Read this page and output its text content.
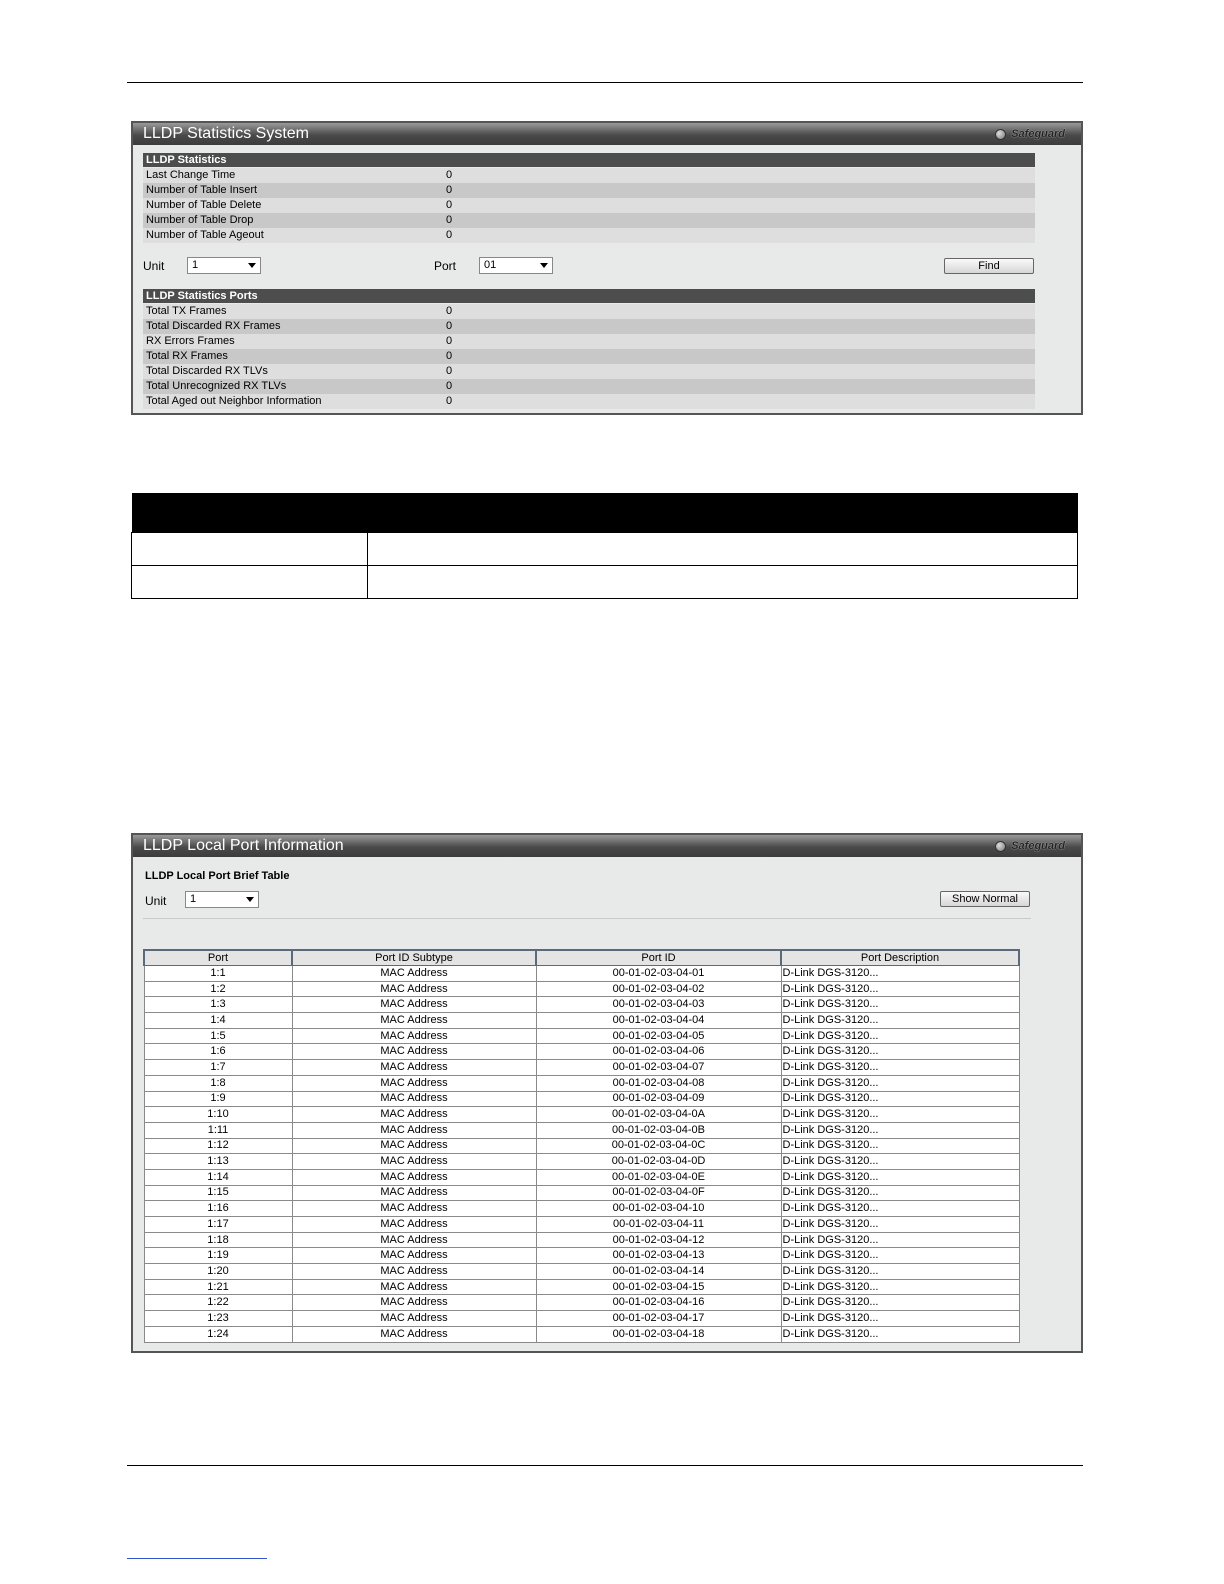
LLDP Statistics System	Safeguard
LLDP Statistics
Last Change Time	0
Number of Table Insert	0
Number of Table Delete	0
Number of Table Drop	0
Number of Table Ageout	0
Unit	1	Port	01	Find
LLDP Statistics Ports
Total TX Frames	0
Total Discarded RX Frames	0
RX Errors Frames	0
Total RX Frames	0
Total Discarded RX TLVs	0
Total Unrecognized RX TLVs	0
Total Aged out Neighbor Information	0

LLDP Local Port Information	Safeguard
LLDP Local Port Brief Table
Unit	1	Show Normal
Port	Port ID Subtype	Port ID	Port Description
1:1	MAC Address	00-01-02-03-04-01	D-Link DGS-3120...
1:2	MAC Address	00-01-02-03-04-02	D-Link DGS-3120...
1:3	MAC Address	00-01-02-03-04-03	D-Link DGS-3120...
1:4	MAC Address	00-01-02-03-04-04	D-Link DGS-3120...
1:5	MAC Address	00-01-02-03-04-05	D-Link DGS-3120...
1:6	MAC Address	00-01-02-03-04-06	D-Link DGS-3120...
1:7	MAC Address	00-01-02-03-04-07	D-Link DGS-3120...
1:8	MAC Address	00-01-02-03-04-08	D-Link DGS-3120...
1:9	MAC Address	00-01-02-03-04-09	D-Link DGS-3120...
1:10	MAC Address	00-01-02-03-04-0A	D-Link DGS-3120...
1:11	MAC Address	00-01-02-03-04-0B	D-Link DGS-3120...
1:12	MAC Address	00-01-02-03-04-0C	D-Link DGS-3120...
1:13	MAC Address	00-01-02-03-04-0D	D-Link DGS-3120...
1:14	MAC Address	00-01-02-03-04-0E	D-Link DGS-3120...
1:15	MAC Address	00-01-02-03-04-0F	D-Link DGS-3120...
1:16	MAC Address	00-01-02-03-04-10	D-Link DGS-3120...
1:17	MAC Address	00-01-02-03-04-11	D-Link DGS-3120...
1:18	MAC Address	00-01-02-03-04-12	D-Link DGS-3120...
1:19	MAC Address	00-01-02-03-04-13	D-Link DGS-3120...
1:20	MAC Address	00-01-02-03-04-14	D-Link DGS-3120...
1:21	MAC Address	00-01-02-03-04-15	D-Link DGS-3120...
1:22	MAC Address	00-01-02-03-04-16	D-Link DGS-3120...
1:23	MAC Address	00-01-02-03-04-17	D-Link DGS-3120...
1:24	MAC Address	00-01-02-03-04-18	D-Link DGS-3120...
